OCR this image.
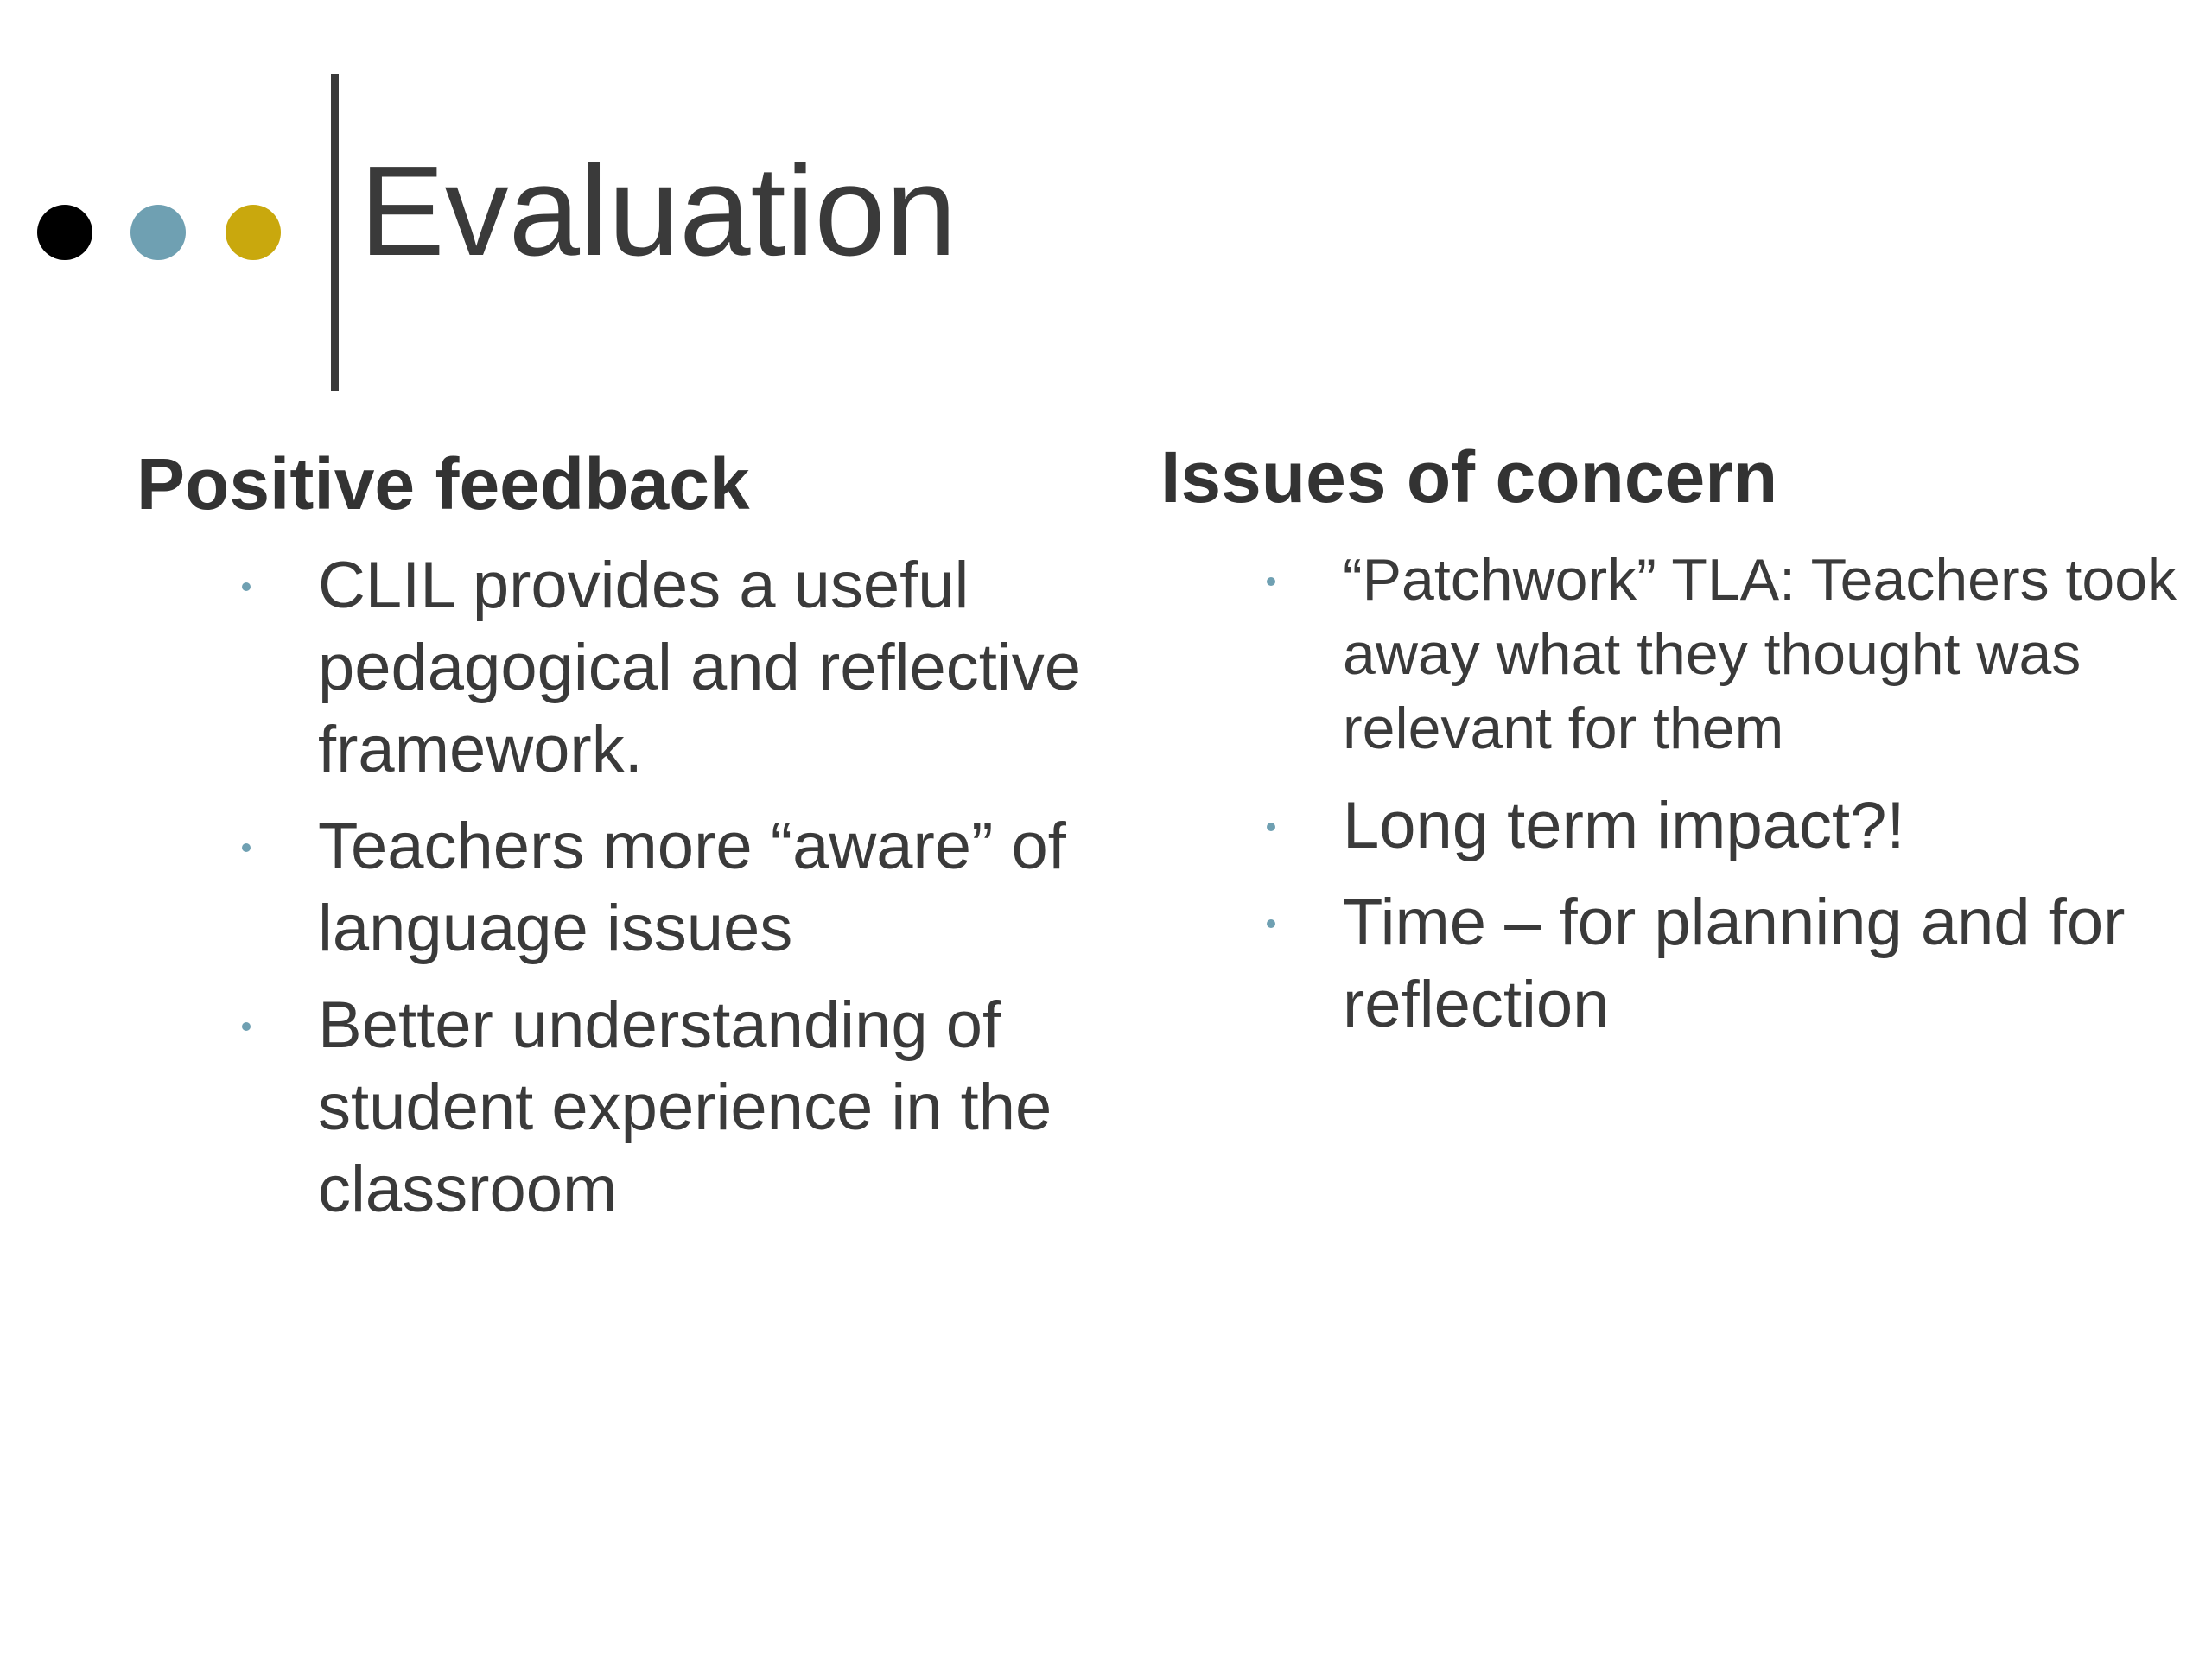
Evaluation
Positive feedback
CLIL provides a useful pedagogical and reflective framework.
Teachers more “aware” of language issues
Better understanding of student experience in the classroom
Issues of concern
“Patchwork” TLA: Teachers took away what they thought was relevant for them
Long term impact?!
Time – for planning and for reflection
